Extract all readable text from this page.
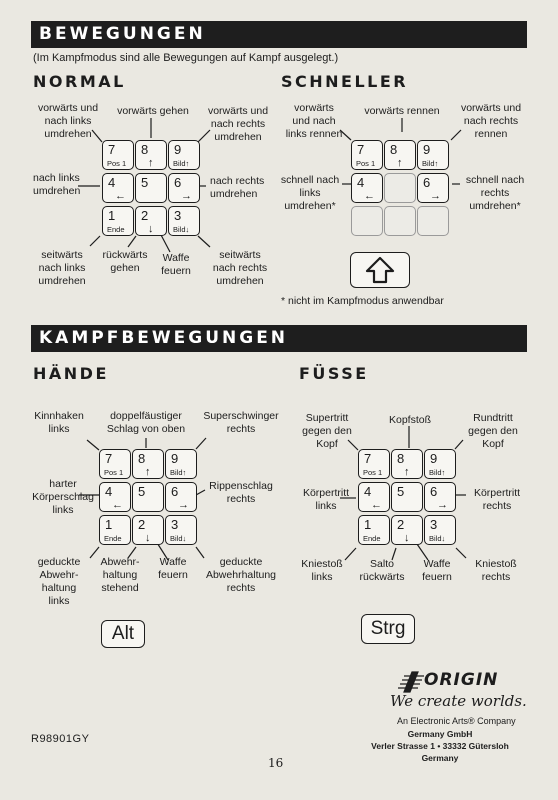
BEWEGUNGEN
(Im Kampfmodus sind alle Bewegungen auf Kampf ausgelegt.)
NORMAL	SCHNELLER
7
Pos 1
8
↑
9
Bild↑
4
←
5 6
→
1
Ende
2
↓
3
Bild↓
vorwärts und
nach links
umdrehen
vorwärts gehen	vorwärts und
nach rechts
umdrehen
nach links
umdrehen
nach rechts
umdrehen
seitwärts
nach links
umdrehen
rückwärts
gehen
Waffe
feuern
seitwärts
nach rechts
umdrehen
7
Pos 1
8
↑
9
Bild↑
4
←
6
→
vorwärts
und nach
links rennen
vorwärts rennen	vorwärts und
nach rechts
rennen
schnell nach
links
umdrehen*
schnell nach
rechts
umdrehen*
* nicht im Kampfmodus anwendbar
KAMPFBEWEGUNGEN
HÄNDE	FÜSSE
7
Pos 1
8
↑
9
Bild↑
4
←
5 6
→
1
Ende
2
↓
3
Bild↓
Alt
Kinnhaken
links
doppelfäustiger
Schlag von oben
Superschwinger
rechts
harter
Körperschlag
links
Rippenschlag
rechts
geduckte
Abwehr-
haltung
links
Abwehr-
haltung
stehend
Waffe
feuern
geduckte
Abwehrhaltung
rechts
7
Pos 1
8
↑
9
Bild↑
4
←
5 6
→
1
Ende
2
↓
3
Bild↓
Strg
Supertritt
gegen den
Kopf
Kopfstoß	Rundtritt
gegen den
Kopf
Körpertritt
links
Körpertritt
rechts
Kniestoß
links
Salto
rückwärts
Waffe
feuern
Kniestoß
rechts
ORIGIN
We create worlds.
An Electronic Arts® Company
Germany GmbH
Verler Strasse 1 • 33332 Gütersloh
Germany
R98901GY
16
